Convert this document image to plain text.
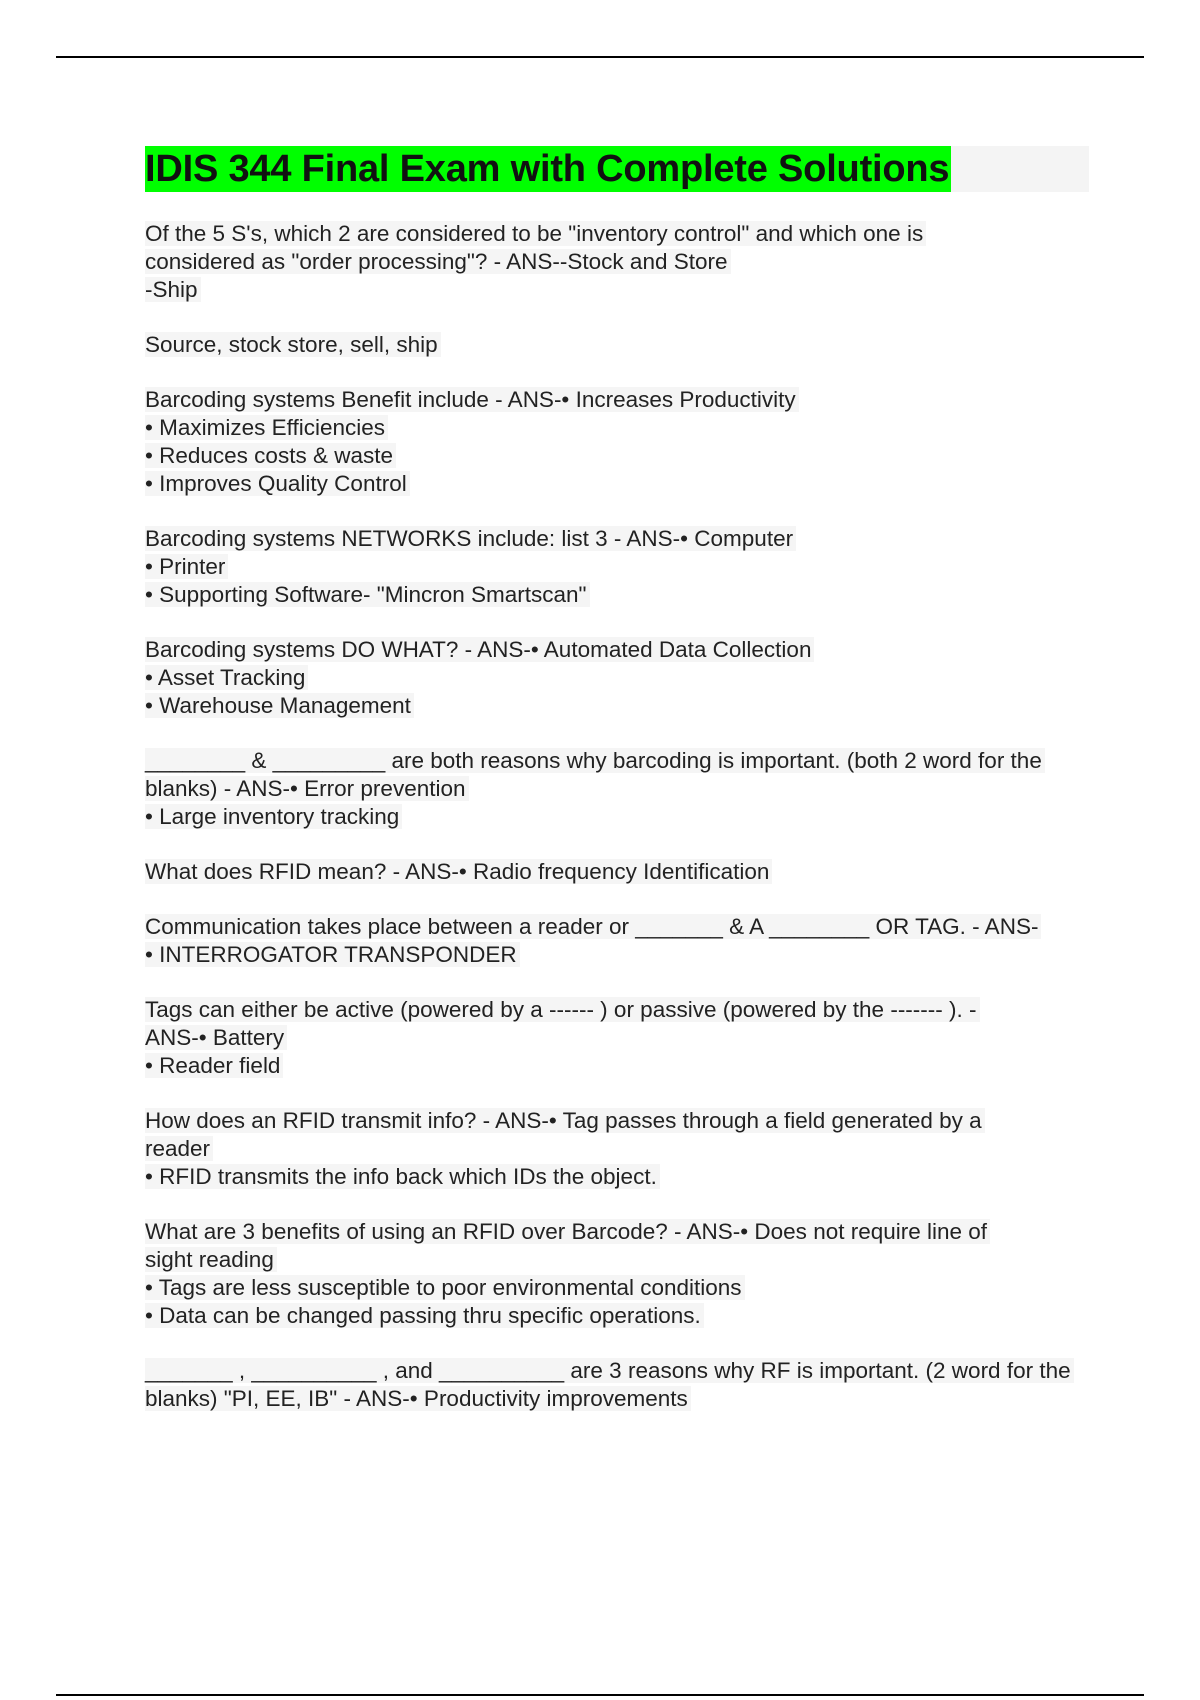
IDIS 344 Final Exam with Complete Solutions
Of the 5 S's, which 2 are considered to be "inventory control" and which one is
considered as "order processing"? - ANS--Stock and Store
-Ship
Source, stock store, sell, ship
Barcoding systems Benefit include - ANS-• Increases Productivity
• Maximizes Efficiencies
• Reduces costs & waste
• Improves Quality Control
Barcoding systems NETWORKS include: list 3 - ANS-• Computer
• Printer
• Supporting Software- "Mincron Smartscan"
Barcoding systems DO WHAT? - ANS-• Automated Data Collection
• Asset Tracking
• Warehouse Management
________ & _________ are both reasons why barcoding is important. (both 2 word for the
blanks) - ANS-• Error prevention
• Large inventory tracking
What does RFID mean? - ANS-• Radio frequency Identification
Communication takes place between a reader or _______ & A ________ OR TAG. - ANS-
• INTERROGATOR TRANSPONDER
Tags can either be active (powered by a ------ ) or passive (powered by the ------- ). -
ANS-• Battery
• Reader field
How does an RFID transmit info? - ANS-• Tag passes through a field generated by a
reader
• RFID transmits the info back which IDs the object.
What are 3 benefits of using an RFID over Barcode? - ANS-• Does not require line of
sight reading
• Tags are less susceptible to poor environmental conditions
• Data can be changed passing thru specific operations.
_______ , __________ , and __________ are 3 reasons why RF is important. (2 word for the
blanks) "PI, EE, IB" - ANS-• Productivity improvements
